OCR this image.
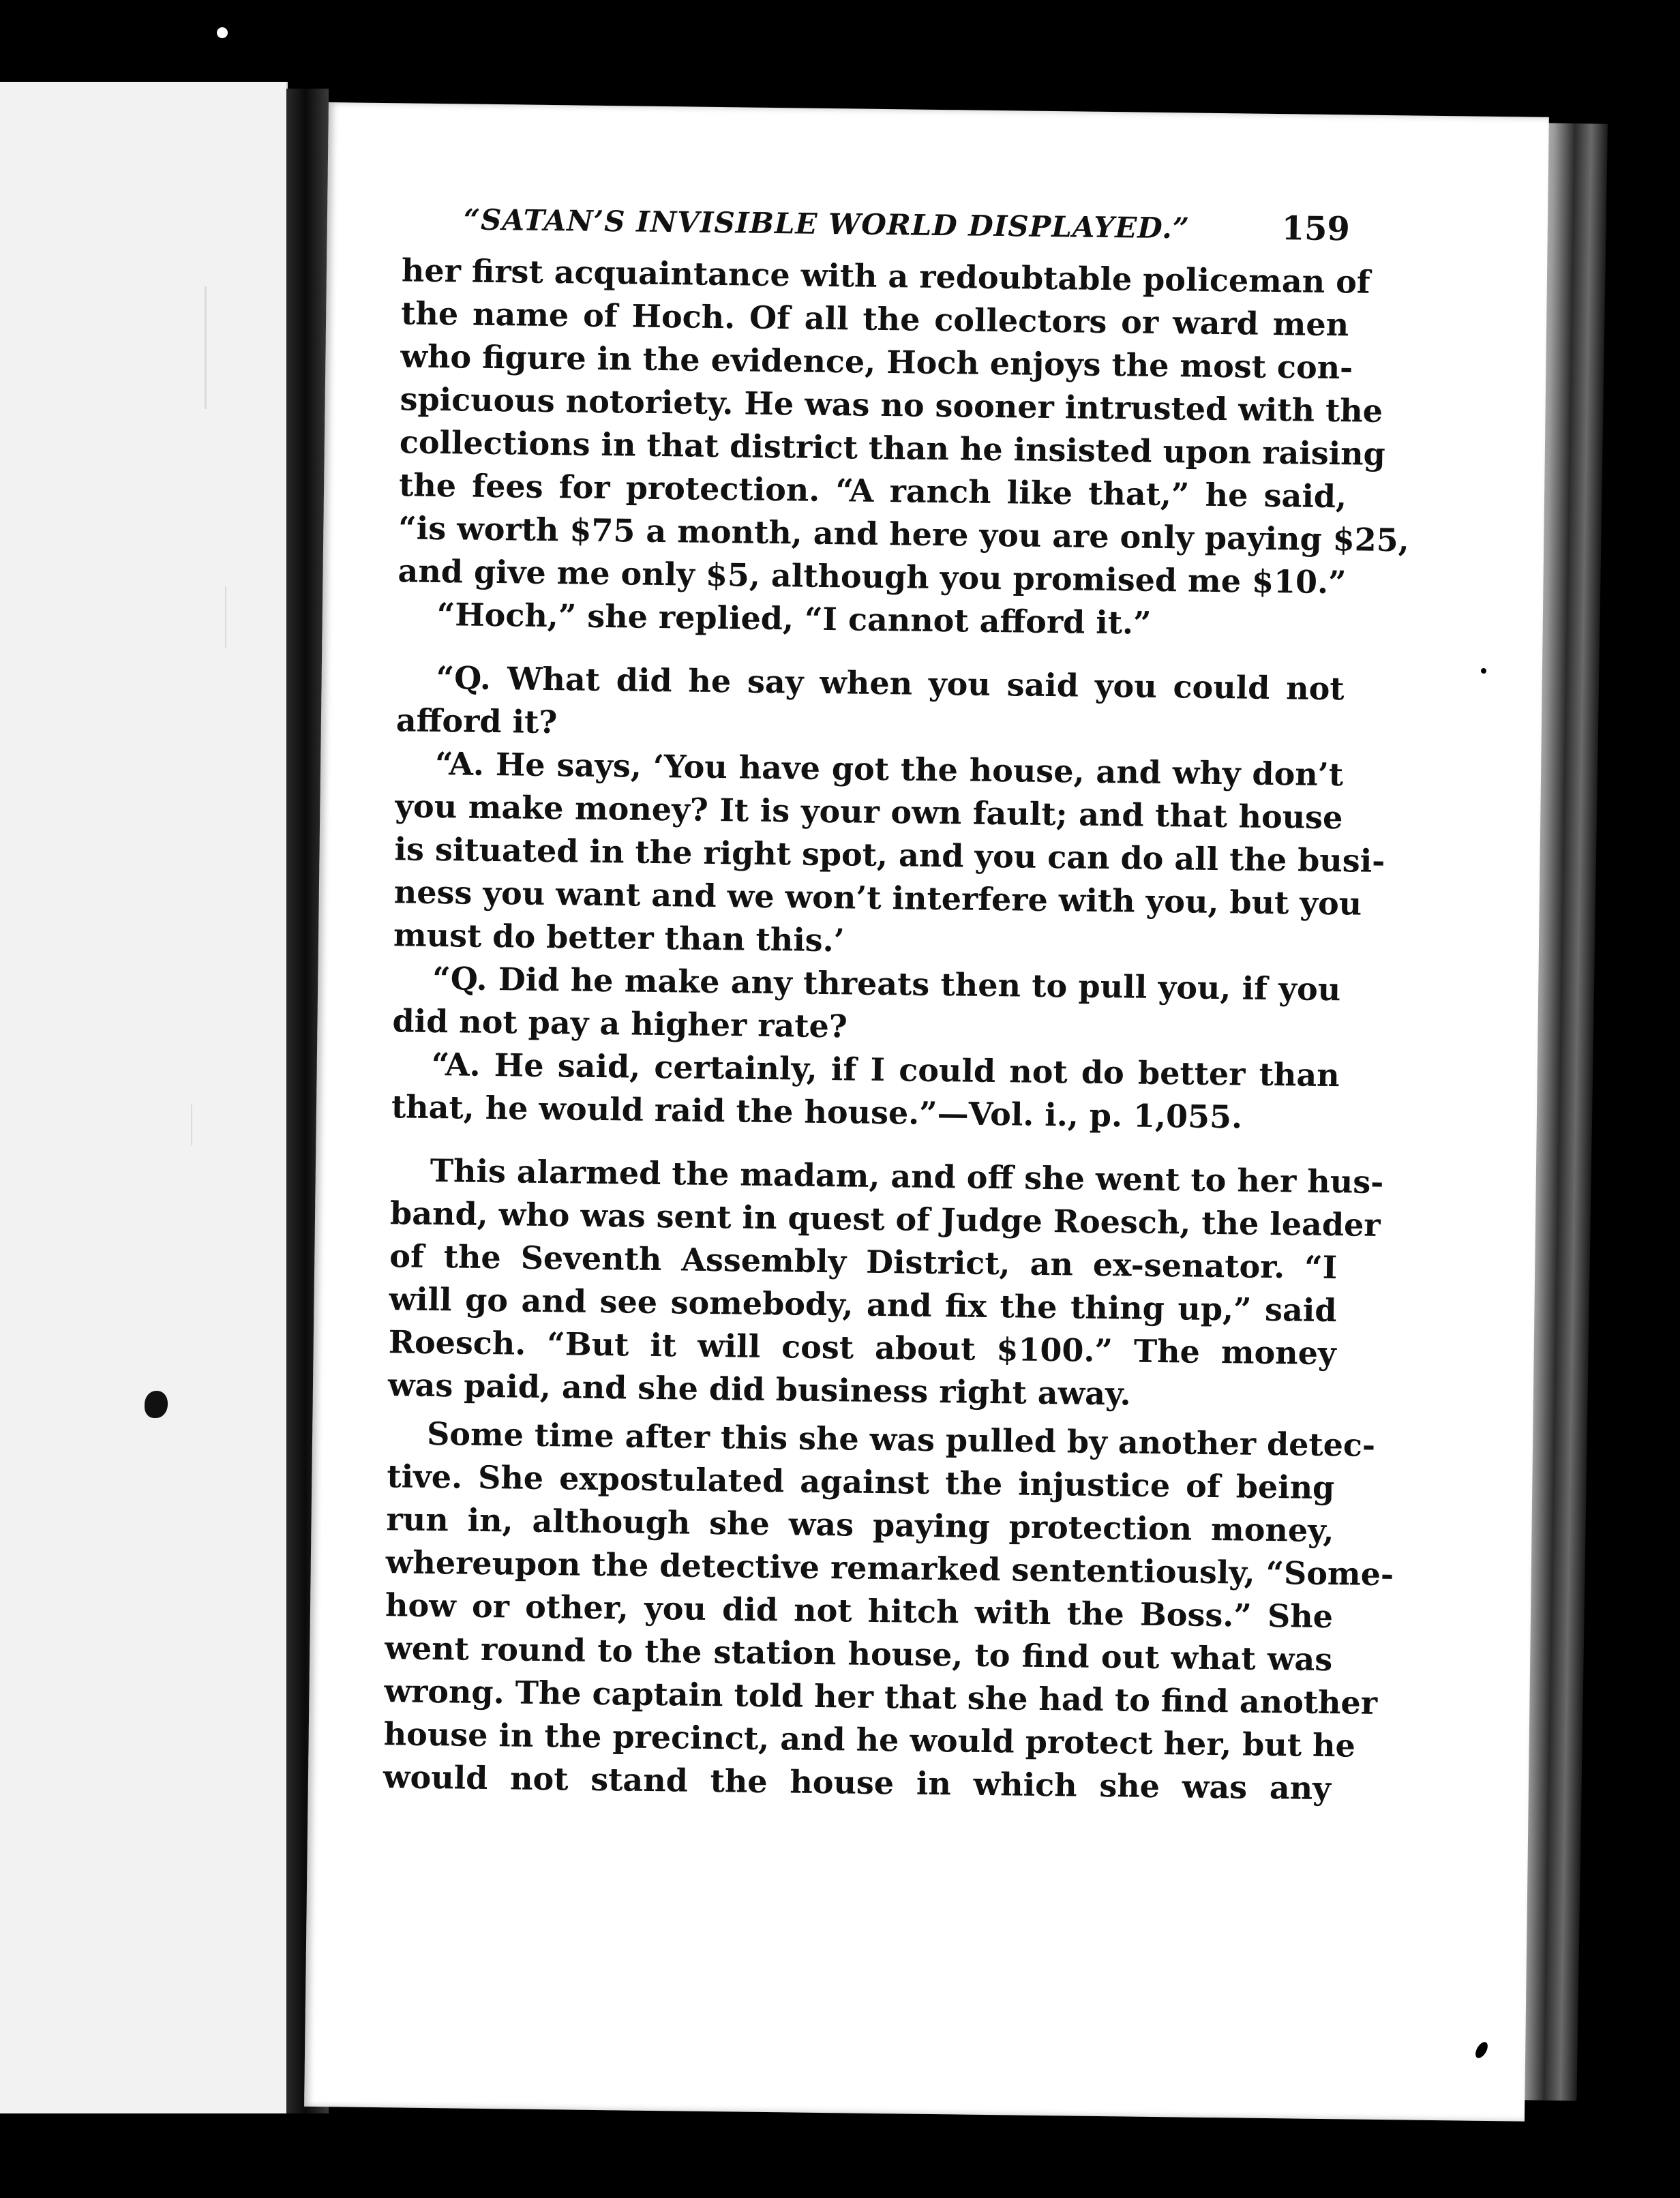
“SATAN’S INVISIBLE WORLD DISPLAYED.”	159
her first acquaintance with a redoubtable policeman of
the name of Hoch. Of all the collectors or ward men
who figure in the evidence, Hoch enjoys the most con-
spicuous notoriety. He was no sooner intrusted with the
collections in that district than he insisted upon raising
the fees for protection. “A ranch like that,” he said,
“is worth $75 a month, and here you are only paying $25,
and give me only $5, although you promised me $10.”
“Hoch,” she replied, “I cannot afford it.”
“Q. What did he say when you said you could not
afford it?
“A. He says, ‘You have got the house, and why don’t
you make money? It is your own fault; and that house
is situated in the right spot, and you can do all the busi-
ness you want and we won’t interfere with you, but you
must do better than this.’
“Q. Did he make any threats then to pull you, if you
did not pay a higher rate?
“A. He said, certainly, if I could not do better than
that, he would raid the house.”—Vol. i., p. 1,055.
This alarmed the madam, and off she went to her hus-
band, who was sent in quest of Judge Roesch, the leader
of the Seventh Assembly District, an ex-senator. “I
will go and see somebody, and fix the thing up,” said
Roesch. “But it will cost about $100.” The money
was paid, and she did business right away.
Some time after this she was pulled by another detec-
tive. She expostulated against the injustice of being
run in, although she was paying protection money,
whereupon the detective remarked sententiously, “Some-
how or other, you did not hitch with the Boss.” She
went round to the station house, to find out what was
wrong. The captain told her that she had to find another
house in the precinct, and he would protect her, but he
would not stand the house in which she was any
